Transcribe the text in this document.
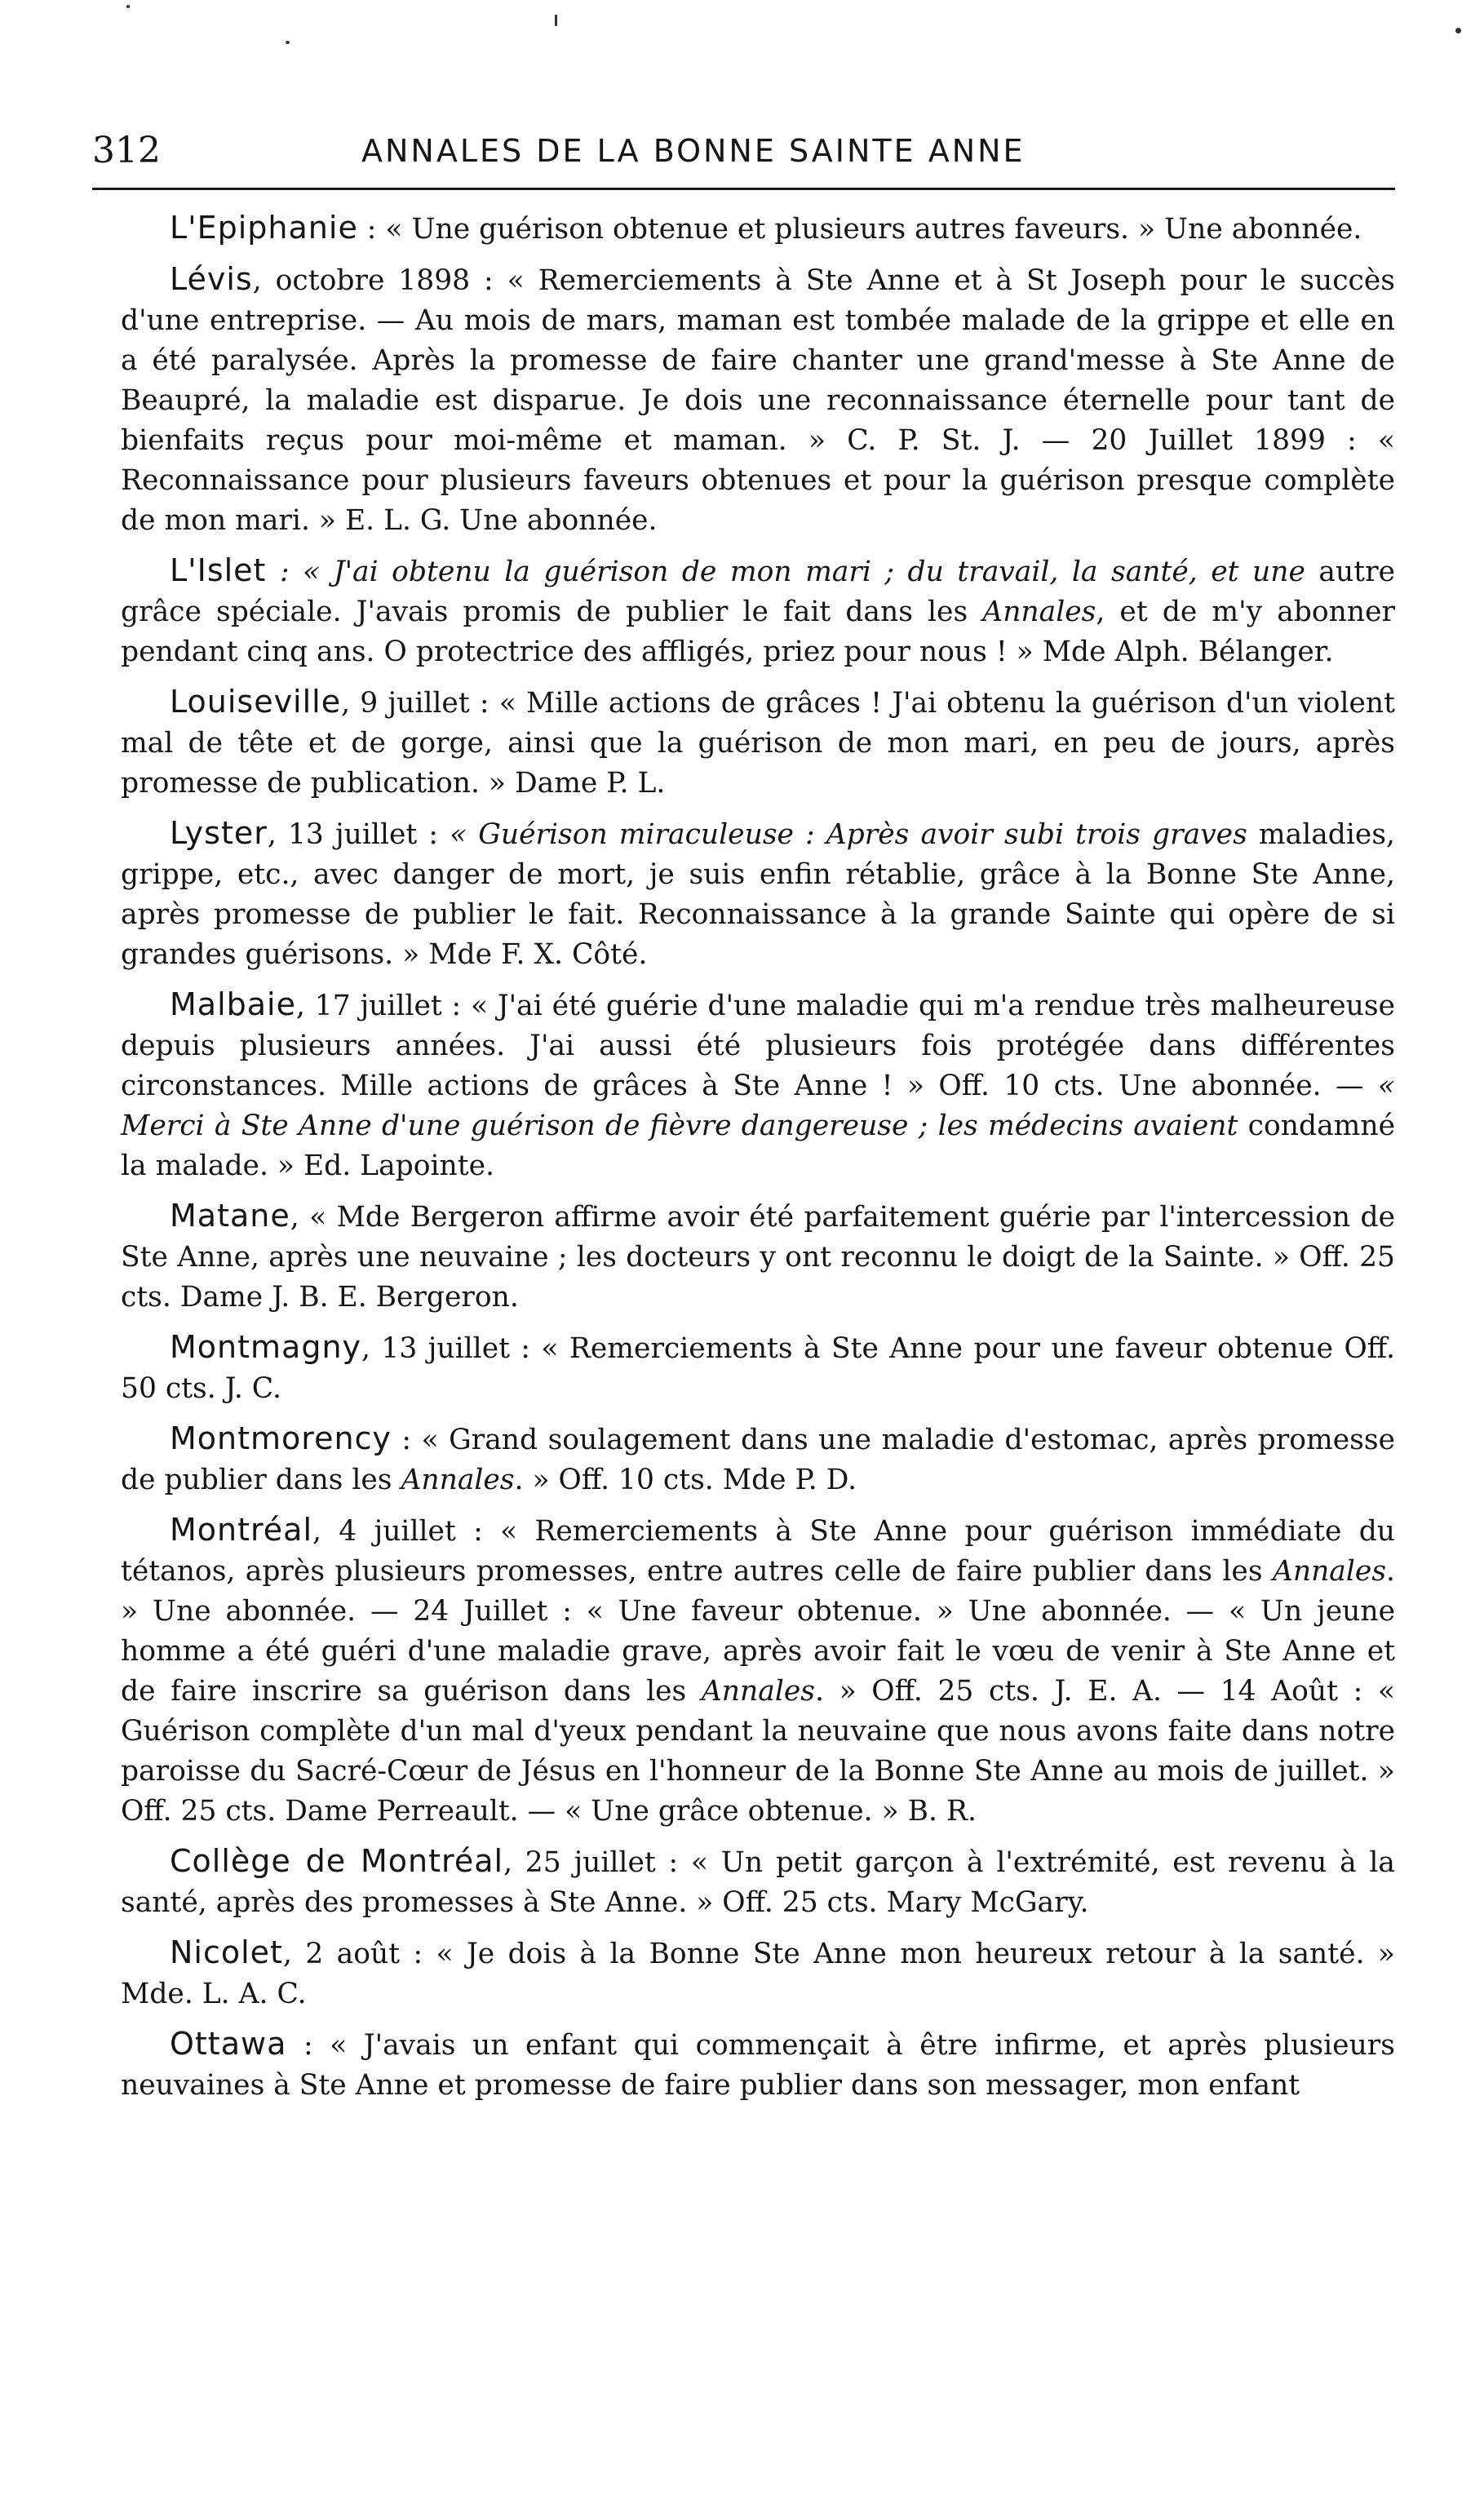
312	ANNALES DE LA BONNE SAINTE ANNE

L'Epiphanie : « Une guérison obtenue et plusieurs autres faveurs. » Une abonnée.

Lévis, octobre 1898 : « Remerciements à Ste Anne et à St Joseph pour le succès d'une entreprise. — Au mois de mars, maman est tombée malade de la grippe et elle en a été paralysée. Après la promesse de faire chanter une grand'messe à Ste Anne de Beaupré, la maladie est disparue. Je dois une reconnaissance éternelle pour tant de bienfaits reçus pour moi-même et maman. » C. P. St. J. — 20 Juillet 1899 : « Reconnaissance pour plusieurs faveurs obtenues et pour la guérison presque complète de mon mari. » E. L. G. Une abonnée.

L'Islet : « J'ai obtenu la guérison de mon mari ; du travail, la santé, et une autre grâce spéciale. J'avais promis de publier le fait dans les Annales, et de m'y abonner pendant cinq ans. O protectrice des affligés, priez pour nous ! » Mde Alph. Bélanger.

Louiseville, 9 juillet : « Mille actions de grâces ! J'ai obtenu la guérison d'un violent mal de tête et de gorge, ainsi que la guérison de mon mari, en peu de jours, après promesse de publication. » Dame P. L.

Lyster, 13 juillet : « Guérison miraculeuse : Après avoir subi trois graves maladies, grippe, etc., avec danger de mort, je suis enfin rétablie, grâce à la Bonne Ste Anne, après promesse de publier le fait. Reconnaissance à la grande Sainte qui opère de si grandes guérisons. » Mde F. X. Côté.

Malbaie, 17 juillet : « J'ai été guérie d'une maladie qui m'a rendue très malheureuse depuis plusieurs années. J'ai aussi été plusieurs fois protégée dans différentes circonstances. Mille actions de grâces à Ste Anne ! » Off. 10 cts. Une abonnée. — « Merci à Ste Anne d'une guérison de fièvre dangereuse ; les médecins avaient condamné la malade. » Ed. Lapointe.

Matane, « Mde Bergeron affirme avoir été parfaitement guérie par l'intercession de Ste Anne, après une neuvaine ; les docteurs y ont reconnu le doigt de la Sainte. » Off. 25 cts. Dame J. B. E. Bergeron.

Montmagny, 13 juillet : « Remerciements à Ste Anne pour une faveur obtenue Off. 50 cts. J. C.

Montmorency : « Grand soulagement dans une maladie d'estomac, après promesse de publier dans les Annales. » Off. 10 cts. Mde P. D.

Montréal, 4 juillet : « Remerciements à Ste Anne pour guérison immédiate du tétanos, après plusieurs promesses, entre autres celle de faire publier dans les Annales. » Une abonnée. — 24 Juillet : « Une faveur obtenue. » Une abonnée. — « Un jeune homme a été guéri d'une maladie grave, après avoir fait le vœu de venir à Ste Anne et de faire inscrire sa guérison dans les Annales. » Off. 25 cts. J. E. A. — 14 Août : « Guérison complète d'un mal d'yeux pendant la neuvaine que nous avons faite dans notre paroisse du Sacré-Cœur de Jésus en l'honneur de la Bonne Ste Anne au mois de juillet. » Off. 25 cts. Dame Perreault. — « Une grâce obtenue. » B. R.

Collège de Montréal, 25 juillet : « Un petit garçon à l'extrémité, est revenu à la santé, après des promesses à Ste Anne. » Off. 25 cts. Mary McGary.

Nicolet, 2 août : « Je dois à la Bonne Ste Anne mon heureux retour à la santé. » Mde. L. A. C.

Ottawa : « J'avais un enfant qui commençait à être infirme, et après plusieurs neuvaines à Ste Anne et promesse de faire publier dans son messager, mon enfant
